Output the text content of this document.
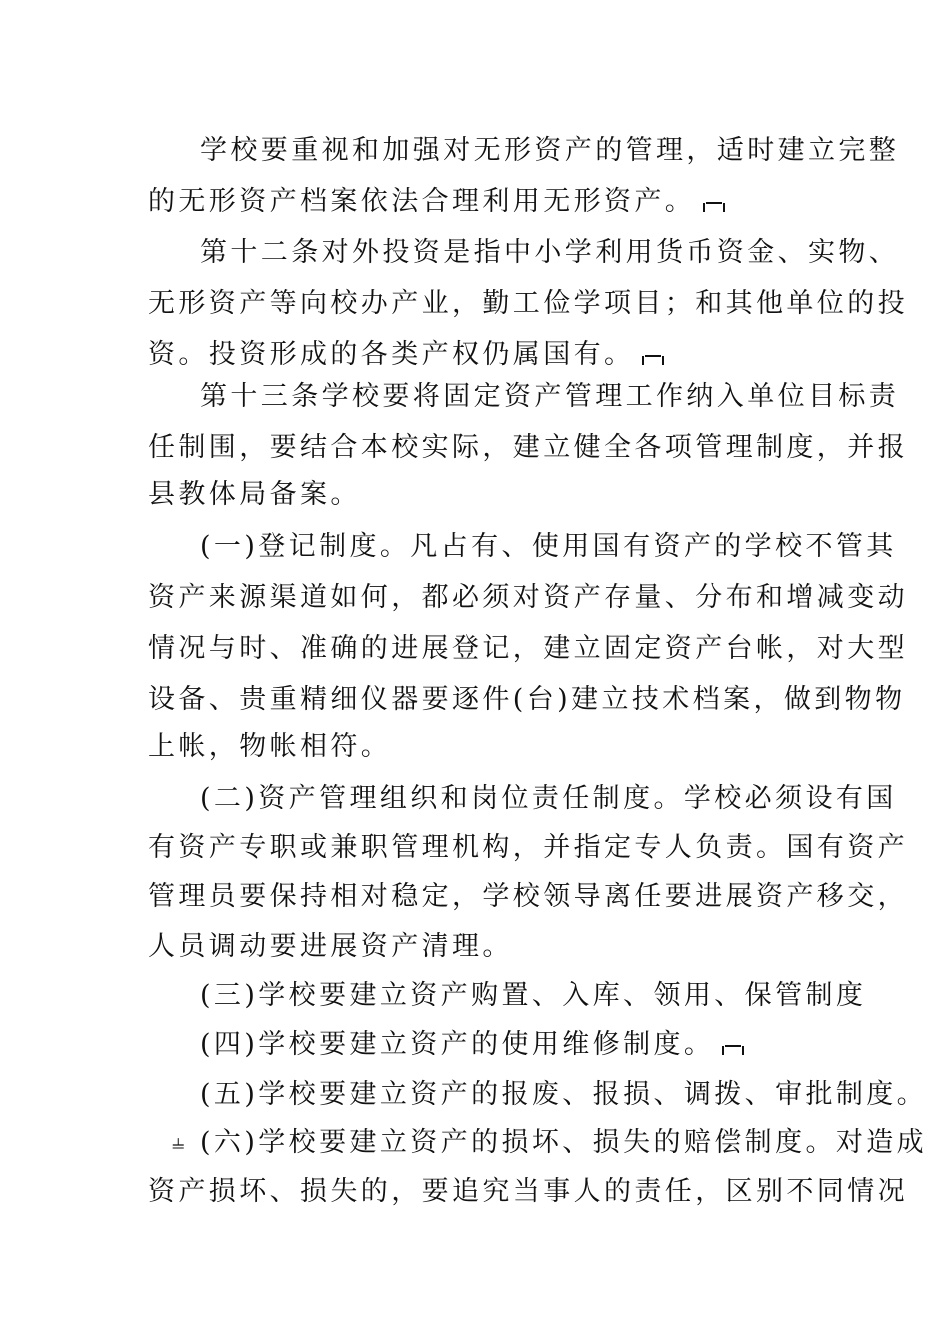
学校要重视和加强对无形资产的管理，适时建立完整
的无形资产档案依法合理利用无形资产。
第十二条对外投资是指中小学利用货币资金、实物、
无形资产等向校办产业，勤工俭学项目；和其他单位的投
资。投资形成的各类产权仍属国有。
第十三条学校要将固定资产管理工作纳入单位目标责
任制围，要结合本校实际，建立健全各项管理制度，并报
县教体局备案。
(一)登记制度。凡占有、使用国有资产的学校不管其
资产来源渠道如何，都必须对资产存量、分布和增减变动
情况与时、准确的进展登记，建立固定资产台帐，对大型
设备、贵重精细仪器要逐件(台)建立技术档案，做到物物
上帐，物帐相符。
(二)资产管理组织和岗位责任制度。学校必须设有国
有资产专职或兼职管理机构，并指定专人负责。国有资产
管理员要保持相对稳定，学校领导离任要进展资产移交，
人员调动要进展资产清理。
(三)学校要建立资产购置、入库、领用、保管制度
(四)学校要建立资产的使用维修制度。
(五)学校要建立资产的报废、报损、调拨、审批制度。
⫨ (六)学校要建立资产的损坏、损失的赔偿制度。对造成
资产损坏、损失的，要追究当事人的责任，区别不同情况
